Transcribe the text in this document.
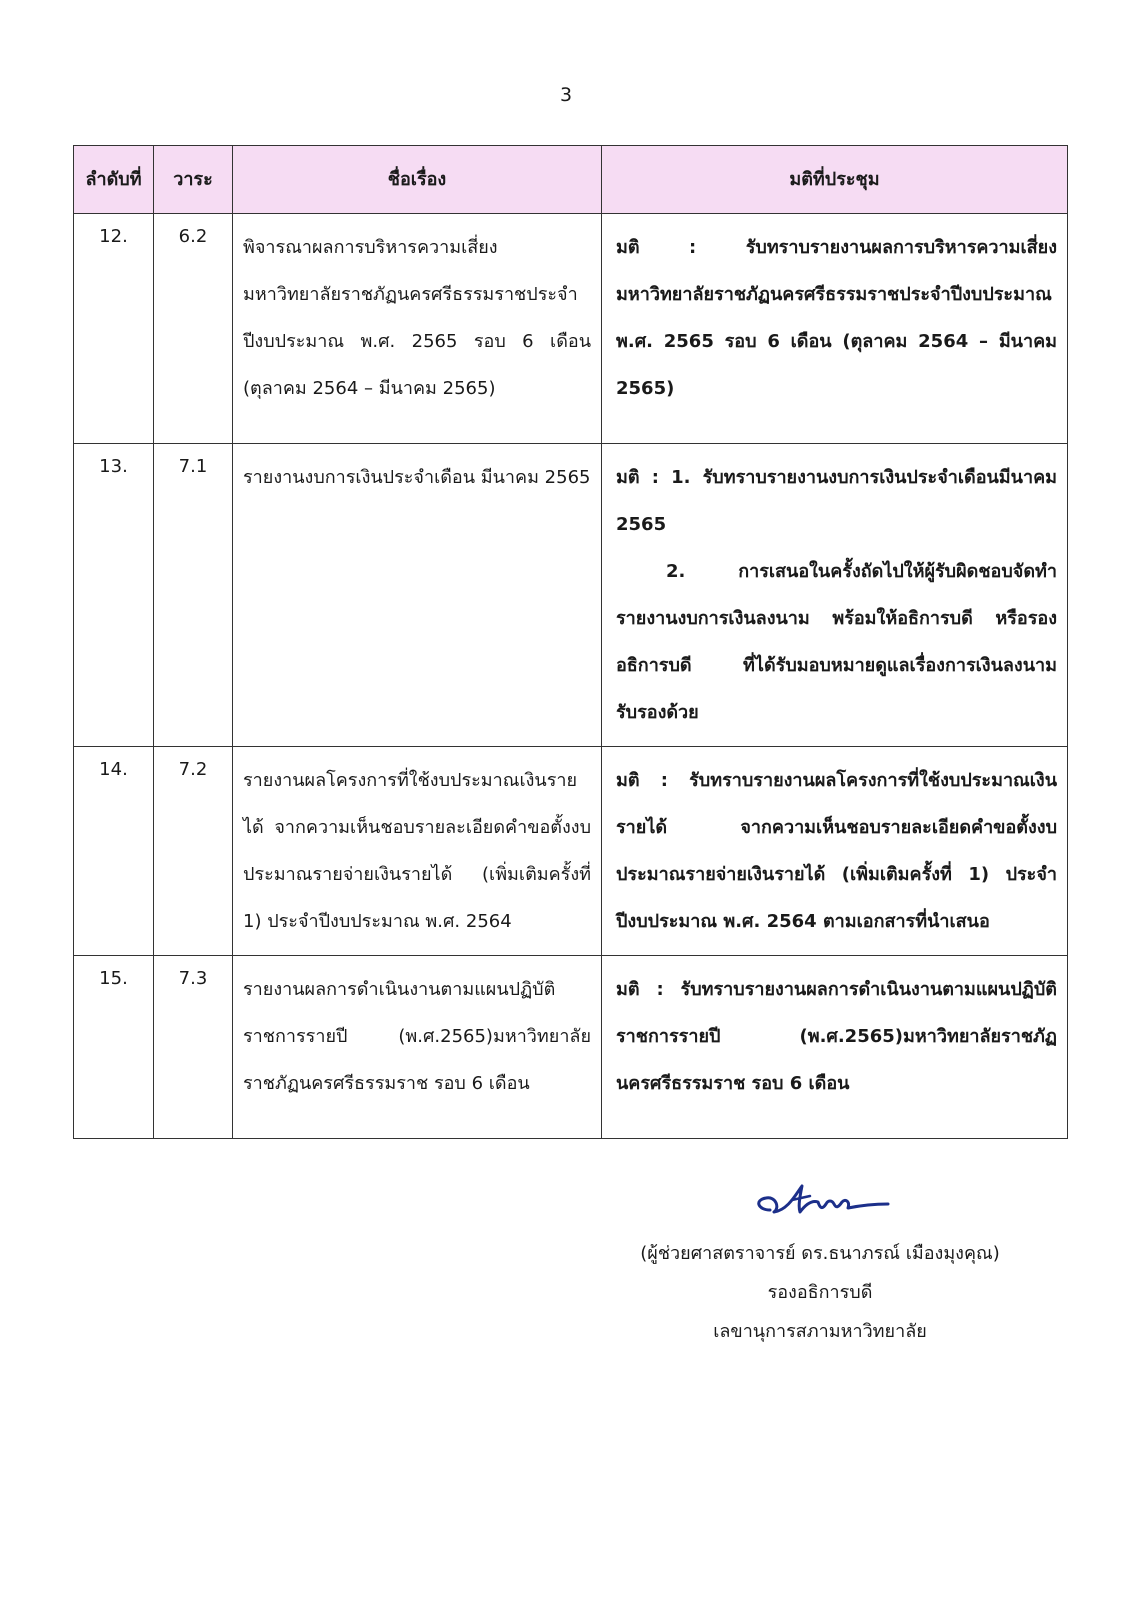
3
ลำดับที่	วาระ	ชื่อเรื่อง	มติที่ประชุม
12.	6.2	พิจารณาผลการบริหารความเสี่ยงมหาวิทยาลัยราชภัฏนครศรีธรรมราชประจำปีงบประมาณ พ.ศ. 2565 รอบ 6 เดือน (ตุลาคม 2564 – มีนาคม 2565)	มติ : รับทราบรายงานผลการบริหารความเสี่ยงมหาวิทยาลัยราชภัฏนครศรีธรรมราชประจำปีงบประมาณ พ.ศ. 2565 รอบ 6 เดือน (ตุลาคม 2564 – มีนาคม 2565)
13.	7.1	รายงานงบการเงินประจำเดือน มีนาคม 2565	มติ : 1. รับทราบรายงานงบการเงินประจำเดือนมีนาคม 2565
2. การเสนอในครั้งถัดไปให้ผู้รับผิดชอบจัดทำรายงานงบการเงินลงนาม พร้อมให้อธิการบดี หรือรองอธิการบดี ที่ได้รับมอบหมายดูแลเรื่องการเงินลงนามรับรองด้วย

14.	7.2	รายงานผลโครงการที่ใช้งบประมาณเงินรายได้ จากความเห็นชอบรายละเอียดคำขอตั้งงบประมาณรายจ่ายเงินรายได้ (เพิ่มเติมครั้งที่ 1) ประจำปีงบประมาณ พ.ศ. 2564	มติ : รับทราบรายงานผลโครงการที่ใช้งบประมาณเงินรายได้ จากความเห็นชอบรายละเอียดคำขอตั้งงบประมาณรายจ่ายเงินรายได้ (เพิ่มเติมครั้งที่ 1) ประจำปีงบประมาณ พ.ศ. 2564 ตามเอกสารที่นำเสนอ
15.	7.3	รายงานผลการดำเนินงานตามแผนปฏิบัติราชการรายปี (พ.ศ.2565)มหาวิทยาลัยราชภัฏนครศรีธรรมราช รอบ 6 เดือน	มติ : รับทราบรายงานผลการดำเนินงานตามแผนปฏิบัติราชการรายปี (พ.ศ.2565)มหาวิทยาลัยราชภัฏนครศรีธรรมราช รอบ 6 เดือน
(ผู้ช่วยศาสตราจารย์ ดร.ธนาภรณ์ เมืองมุงคุณ)
รองอธิการบดี
เลขานุการสภามหาวิทยาลัย
